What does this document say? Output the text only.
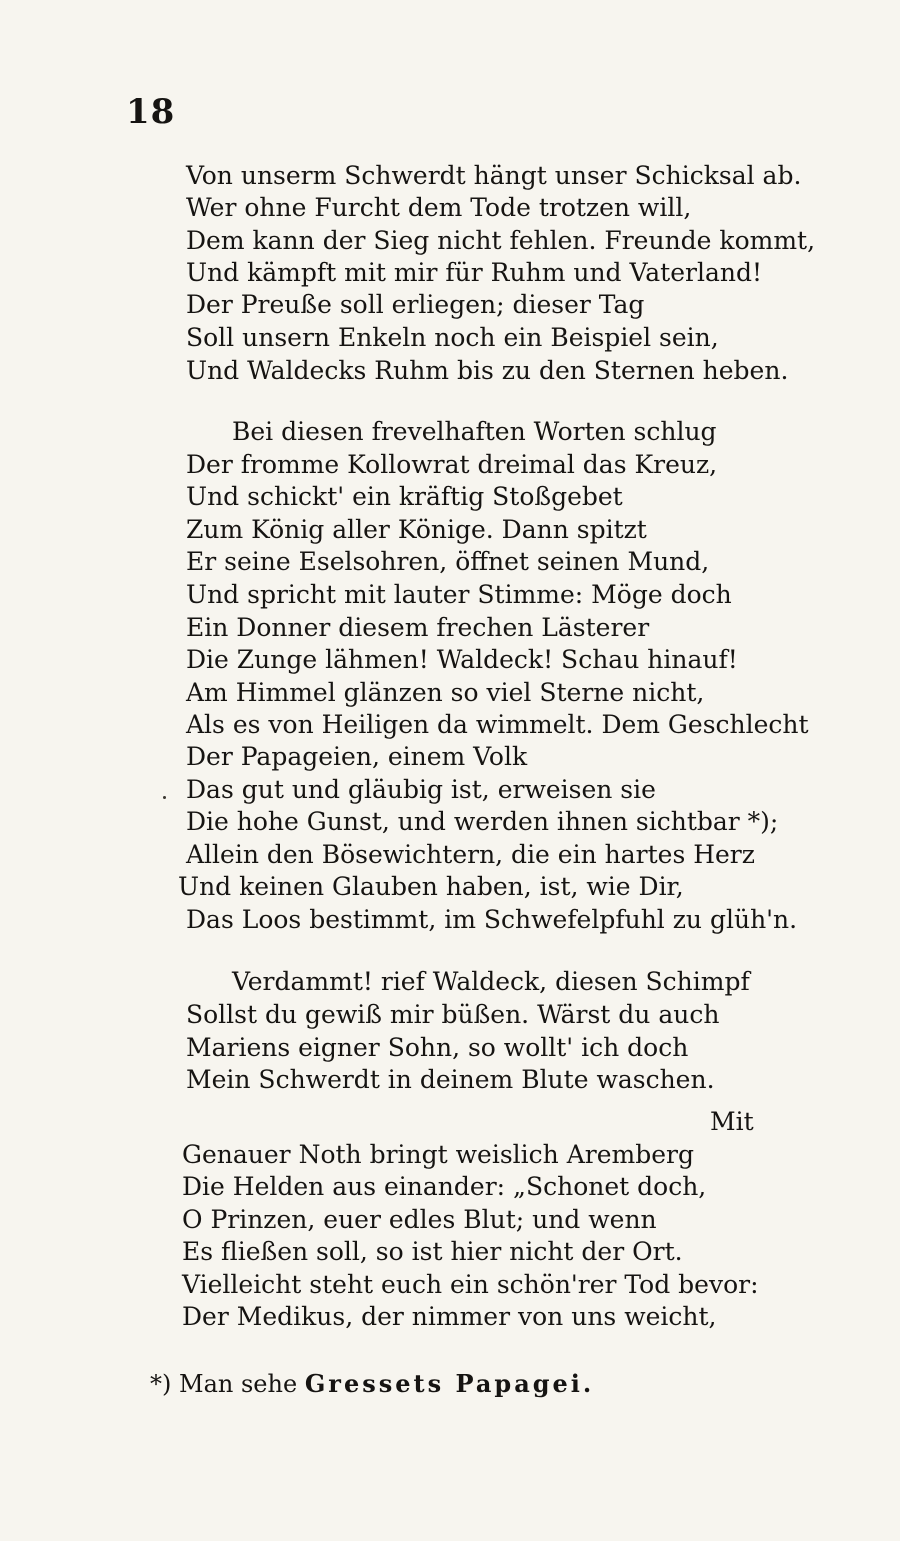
18
Von unserm Schwerdt hängt unser Schicksal ab.
Wer ohne Furcht dem Tode trotzen will,
Dem kann der Sieg nicht fehlen. Freunde kommt,
Und kämpft mit mir für Ruhm und Vaterland!
Der Preuße soll erliegen; dieser Tag
Soll unsern Enkeln noch ein Beispiel sein,
Und Waldecks Ruhm bis zu den Sternen heben.
Bei diesen frevelhaften Worten schlug
Der fromme Kollowrat dreimal das Kreuz,
Und schickt' ein kräftig Stoßgebet
Zum König aller Könige. Dann spitzt
Er seine Eselsohren, öffnet seinen Mund,
Und spricht mit lauter Stimme: Möge doch
Ein Donner diesem frechen Lästerer
Die Zunge lähmen! Waldeck! Schau hinauf!
Am Himmel glänzen so viel Sterne nicht,
Als es von Heiligen da wimmelt. Dem Geschlecht
Der Papageien, einem Volk
Das gut und gläubig ist, erweisen sie
Die hohe Gunst, und werden ihnen sichtbar *);
Allein den Bösewichtern, die ein hartes Herz
Und keinen Glauben haben, ist, wie Dir,
Das Loos bestimmt, im Schwefelpfuhl zu glüh'n.
Verdammt! rief Waldeck, diesen Schimpf
Sollst du gewiß mir büßen. Wärst du auch
Mariens eigner Sohn, so wollt' ich doch
Mein Schwerdt in deinem Blute waschen.
Genauer Noth bringt weislich Aremberg
Die Helden aus einander: „Schonet doch,
O Prinzen, euer edles Blut; und wenn
Es fließen soll, so ist hier nicht der Ort.
Vielleicht steht euch ein schön'rer Tod bevor:
Der Medikus, der nimmer von uns weicht,
Mit
*) Man sehe Gressets Papagei.
